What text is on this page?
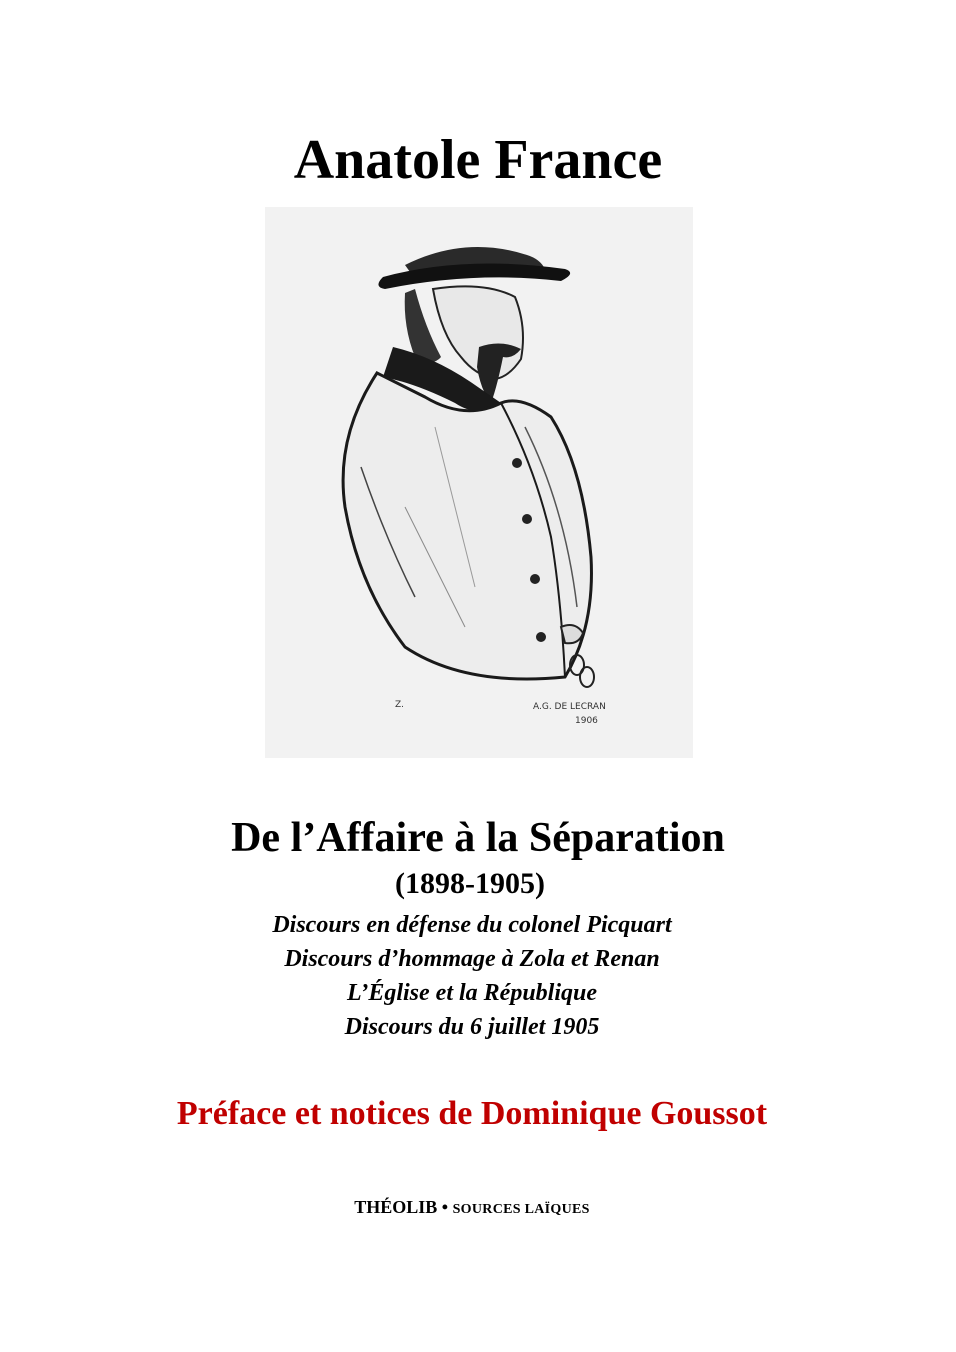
Anatole France
A.G. DE LECRAN
1906
Z.
De l’Affaire à la Séparation
(1898-1905)
Discours en défense du colonel Picquart
Discours d’hommage à Zola et Renan
L’Église et la République
Discours du 6 juillet 1905
Préface et notices de Dominique Goussot
THÉOLIB • SOURCES LAÏQUES
